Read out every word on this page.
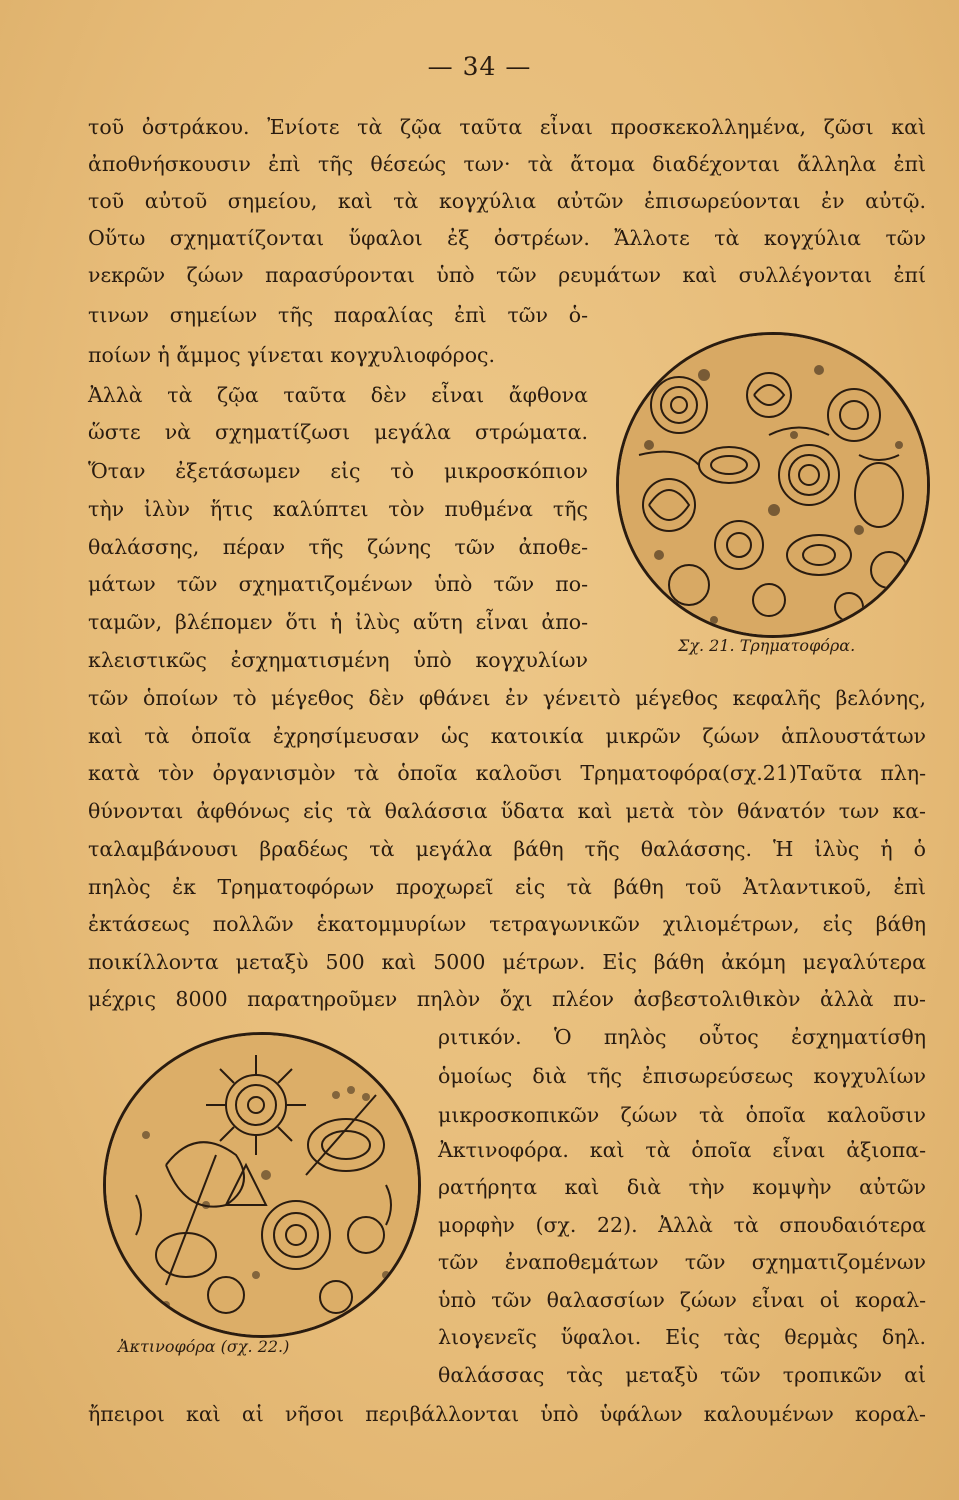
— 34 —
τοῦ ὀστράκου. Ἐνίοτε τὰ ζῷα ταῦτα εἶναι προσκεκολλημένα, ζῶσι καὶ
ἀποθνήσκουσιν ἐπὶ τῆς θέσεώς των· τὰ ἄτομα διαδέχονται ἄλληλα ἐπὶ
τοῦ αὐτοῦ σημείου, καὶ τὰ κογχύλια αὐτῶν ἐπισωρεύονται ἐν αὐτῷ.
Οὕτω σχηματίζονται ὕφαλοι ἐξ ὀστρέων. Ἄλλοτε τὰ κογχύλια τῶν
νεκρῶν ζώων παρασύρονται ὑπὸ τῶν ρευμάτων καὶ συλλέγονται ἐπί
τινων σημείων τῆς παραλίας ἐπὶ τῶν ὁ-
ποίων ἡ ἄμμος γίνεται κογχυλιοφόρος.
Ἀλλὰ τὰ ζῷα ταῦτα δὲν εἶναι ἄφθονα
ὥστε νὰ σχηματίζωσι μεγάλα στρώματα.
Ὅταν ἐξετάσωμεν εἰς τὸ μικροσκόπιον
τὴν ἰλὺν ἥτις καλύπτει τὸν πυθμένα τῆς
θαλάσσης, πέραν τῆς ζώνης τῶν ἀποθε-
μάτων τῶν σχηματιζομένων ὑπὸ τῶν πο-
ταμῶν, βλέπομεν ὅτι ἡ ἰλὺς αὕτη εἶναι ἀπο-
κλειστικῶς ἐσχηματισμένη ὑπὸ κογχυλίων
Σχ. 21. Τρηματοφόρα.
τῶν ὁποίων τὸ μέγεθος δὲν φθάνει ἐν γένειτὸ μέγεθος κεφαλῆς βελόνης,
καὶ τὰ ὁποῖα ἐχρησίμευσαν ὡς κατοικία μικρῶν ζώων ἁπλουστάτων
κατὰ τὸν ὀργανισμὸν τὰ ὁποῖα καλοῦσι Τρηματοφόρα(σχ.21)Ταῦτα πλη-
θύνονται ἀφθόνως εἰς τὰ θαλάσσια ὕδατα καὶ μετὰ τὸν θάνατόν των κα-
ταλαμβάνουσι βραδέως τὰ μεγάλα βάθη τῆς θαλάσσης. Ἡ ἰλὺς ἡ ὁ
πηλὸς ἐκ Τρηματοφόρων προχωρεῖ εἰς τὰ βάθη τοῦ Ἀτλαντικοῦ, ἐπὶ
ἐκτάσεως πολλῶν ἑκατομμυρίων τετραγωνικῶν χιλιομέτρων, εἰς βάθη
ποικίλλοντα μεταξὺ 500 καὶ 5000 μέτρων. Εἰς βάθη ἀκόμη μεγαλύτερα
μέχρις 8000 παρατηροῦμεν πηλὸν ὄχι πλέον ἀσβεστολιθικὸν ἀλλὰ πυ-
Ἀκτινοφόρα (σχ. 22.)
ριτικόν. Ὁ πηλὸς οὗτος ἐσχηματίσθη
ὁμοίως διὰ τῆς ἐπισωρεύσεως κογχυλίων
μικροσκοπικῶν ζώων τὰ ὁποῖα καλοῦσιν
Ἀκτινοφόρα. καὶ τὰ ὁποῖα εἶναι ἀξιοπα-
ρατήρητα καὶ διὰ τὴν κομψὴν αὐτῶν
μορφὴν (σχ. 22). Ἀλλὰ τὰ σπουδαιότερα
τῶν ἐναποθεμάτων τῶν σχηματιζομένων
ὑπὸ τῶν θαλασσίων ζώων εἶναι οἱ κοραλ-
λιογενεῖς ὕφαλοι. Εἰς τὰς θερμὰς δηλ.
θαλάσσας τὰς μεταξὺ τῶν τροπικῶν αἱ
ἤπειροι καὶ αἱ νῆσοι περιβάλλονται ὑπὸ ὑφάλων καλουμένων κοραλ-
